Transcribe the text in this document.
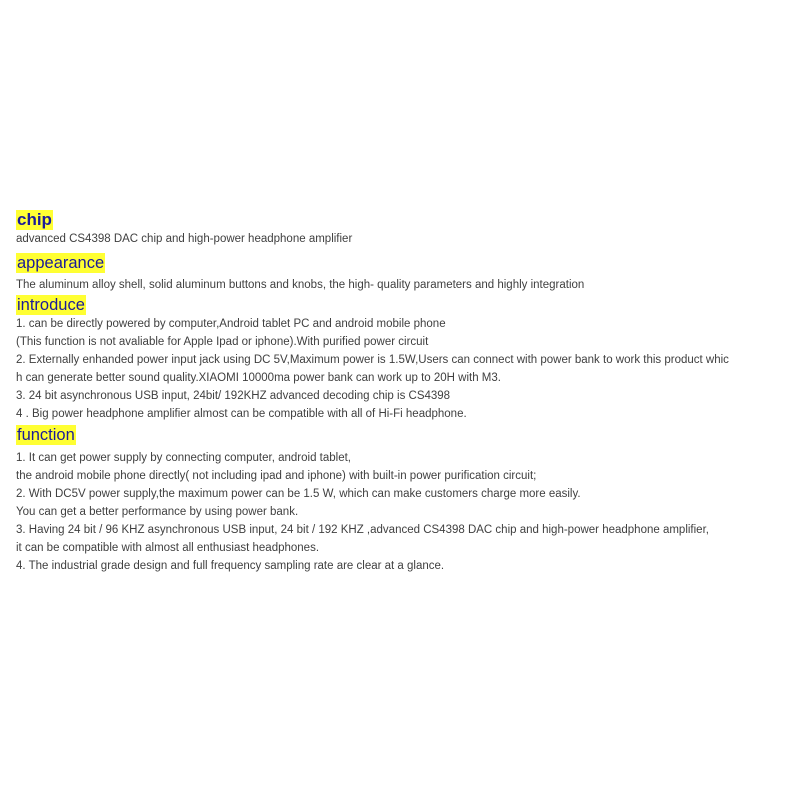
chip
advanced CS4398 DAC chip and high-power headphone amplifier
appearance
The aluminum alloy shell, solid aluminum buttons and knobs, the high- quality parameters and highly integration
introduce
1. can be directly powered by computer,Android tablet PC and android mobile phone
(This function is not avaliable for Apple Ipad or iphone).With purified power circuit
2. Externally enhanded power input jack using DC 5V,Maximum power is 1.5W,Users can connect with power bank to work this product whic
h can generate better sound quality.XIAOMI 10000ma power bank can work up to 20H with M3.
3. 24 bit asynchronous USB input, 24bit/ 192KHZ advanced decoding chip is CS4398
4 . Big power headphone amplifier almost can be compatible with all of Hi-Fi headphone.
function
1. It can get power supply by connecting computer, android tablet,
the android mobile phone directly( not including ipad and iphone) with built-in power purification circuit;
2. With DC5V power supply,the maximum power can be 1.5 W, which can make customers charge more easily.
You can get a better performance by using power bank.
3. Having 24 bit / 96 KHZ asynchronous USB input, 24 bit / 192 KHZ ,advanced CS4398 DAC chip and high-power headphone amplifier,
it can be compatible with almost all enthusiast headphones.
4. The industrial grade design and full frequency sampling rate are clear at a glance.
